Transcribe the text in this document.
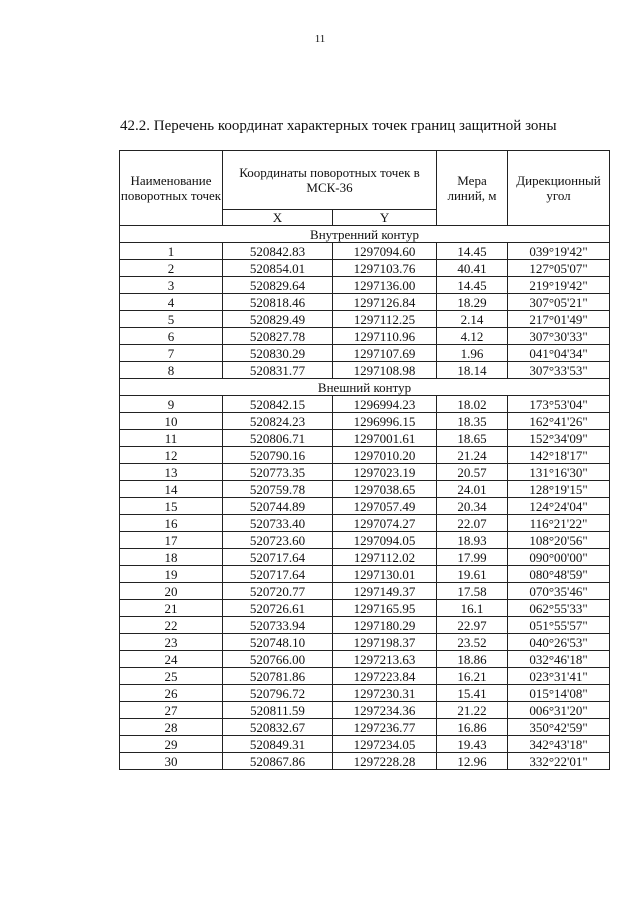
11
42.2. Перечень координат характерных точек границ защитной зоны
Наименование поворотных точек	Координаты поворотных точек в МСК-36		Мера линий, м	Дирекционный угол
	X	Y		
Внутренний контур				
1	520842.83	1297094.60	14.45	039°19'42"
2	520854.01	1297103.76	40.41	127°05'07"
3	520829.64	1297136.00	14.45	219°19'42"
4	520818.46	1297126.84	18.29	307°05'21"
5	520829.49	1297112.25	2.14	217°01'49"
6	520827.78	1297110.96	4.12	307°30'33"
7	520830.29	1297107.69	1.96	041°04'34"
8	520831.77	1297108.98	18.14	307°33'53"
Внешний контур				
9	520842.15	1296994.23	18.02	173°53'04"
10	520824.23	1296996.15	18.35	162°41'26"
11	520806.71	1297001.61	18.65	152°34'09"
12	520790.16	1297010.20	21.24	142°18'17"
13	520773.35	1297023.19	20.57	131°16'30"
14	520759.78	1297038.65	24.01	128°19'15"
15	520744.89	1297057.49	20.34	124°24'04"
16	520733.40	1297074.27	22.07	116°21'22"
17	520723.60	1297094.05	18.93	108°20'56"
18	520717.64	1297112.02	17.99	090°00'00"
19	520717.64	1297130.01	19.61	080°48'59"
20	520720.77	1297149.37	17.58	070°35'46"
21	520726.61	1297165.95	16.1	062°55'33"
22	520733.94	1297180.29	22.97	051°55'57"
23	520748.10	1297198.37	23.52	040°26'53"
24	520766.00	1297213.63	18.86	032°46'18"
25	520781.86	1297223.84	16.21	023°31'41"
26	520796.72	1297230.31	15.41	015°14'08"
27	520811.59	1297234.36	21.22	006°31'20"
28	520832.67	1297236.77	16.86	350°42'59"
29	520849.31	1297234.05	19.43	342°43'18"
30	520867.86	1297228.28	12.96	332°22'01"
